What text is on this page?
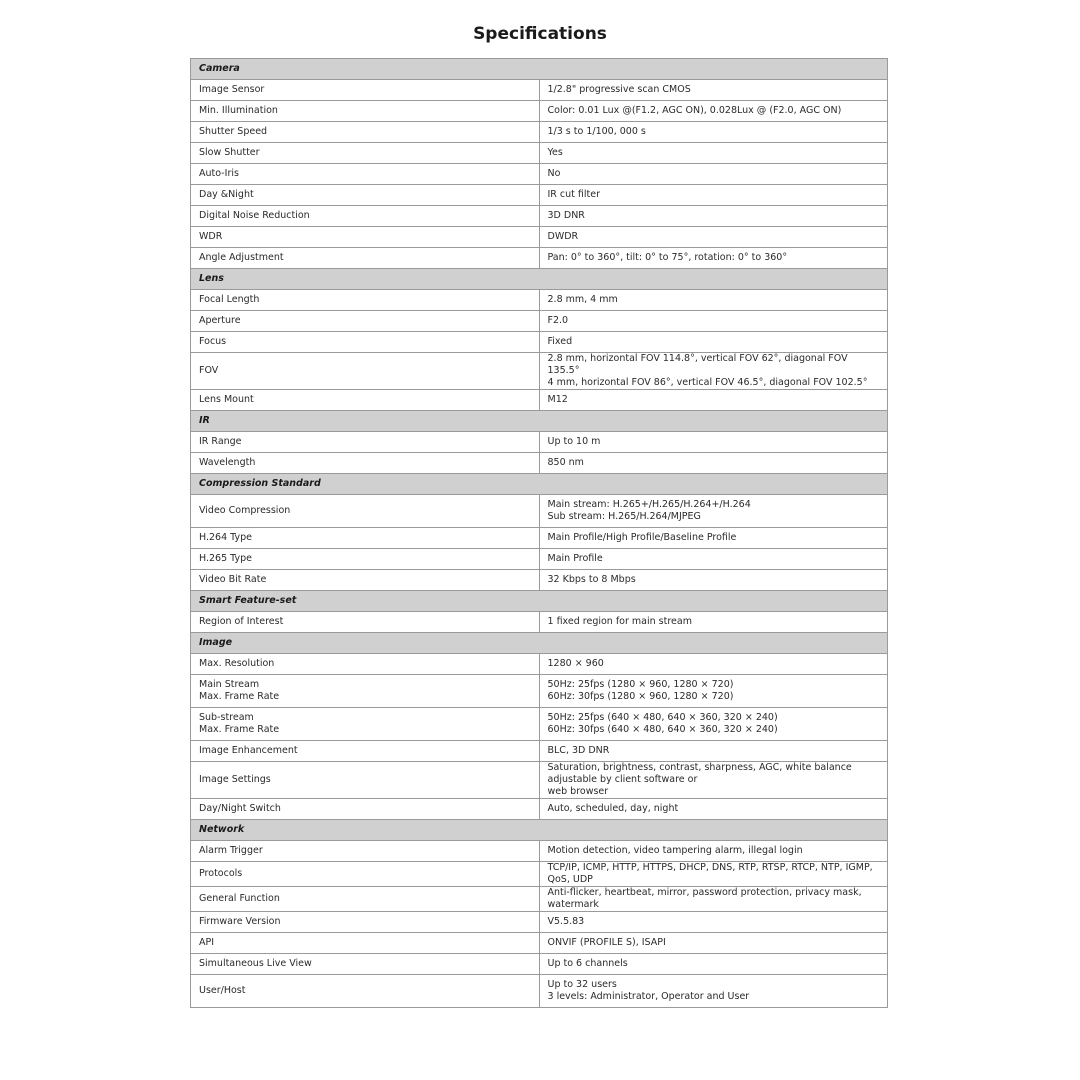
Specifications
Camera	

Image Sensor	1/2.8" progressive scan CMOS

Min. Illumination	Color: 0.01 Lux @(F1.2, AGC ON), 0.028Lux @ (F2.0, AGC ON)

Shutter Speed	1/3 s to 1/100, 000 s

Slow Shutter	Yes

Auto-Iris	No

Day &Night	IR cut filter

Digital Noise Reduction	3D DNR

WDR	DWDR

Angle Adjustment	Pan: 0° to 360°, tilt: 0° to 75°, rotation: 0° to 360°

Lens	

Focal Length	2.8 mm, 4 mm

Aperture	F2.0

Focus	Fixed

FOV	2.8 mm, horizontal FOV 114.8°, vertical FOV 62°, diagonal FOV 135.5°
4 mm, horizontal FOV 86°, vertical FOV 46.5°, diagonal FOV 102.5°

Lens Mount	M12

IR	

IR Range	Up to 10 m

Wavelength	850 nm

Compression Standard	

Video Compression	Main stream: H.265+/H.265/H.264+/H.264
Sub stream: H.265/H.264/MJPEG

H.264 Type	Main Profile/High Profile/Baseline Profile

H.265 Type	Main Profile

Video Bit Rate	32 Kbps to 8 Mbps

Smart Feature-set	

Region of Interest	1 fixed region for main stream

Image	

Max. Resolution	1280 × 960

Main Stream
Max. Frame Rate	50Hz: 25fps (1280 × 960, 1280 × 720)
60Hz: 30fps (1280 × 960, 1280 × 720)

Sub-stream
Max. Frame Rate	50Hz: 25fps (640 × 480, 640 × 360, 320 × 240)
60Hz: 30fps (640 × 480, 640 × 360, 320 × 240)

Image Enhancement	BLC, 3D DNR

Image Settings	Saturation, brightness, contrast, sharpness, AGC, white balance adjustable by client software or
web browser

Day/Night Switch	Auto, scheduled, day, night

Network	

Alarm Trigger	Motion detection, video tampering alarm, illegal login

Protocols	TCP/IP, ICMP, HTTP, HTTPS, DHCP, DNS, RTP, RTSP, RTCP, NTP, IGMP, QoS, UDP

General Function	Anti-flicker, heartbeat, mirror, password protection, privacy mask, watermark

Firmware Version	V5.5.83

API	ONVIF (PROFILE S), ISAPI

Simultaneous Live View	Up to 6 channels

User/Host	Up to 32 users
3 levels: Administrator, Operator and User
